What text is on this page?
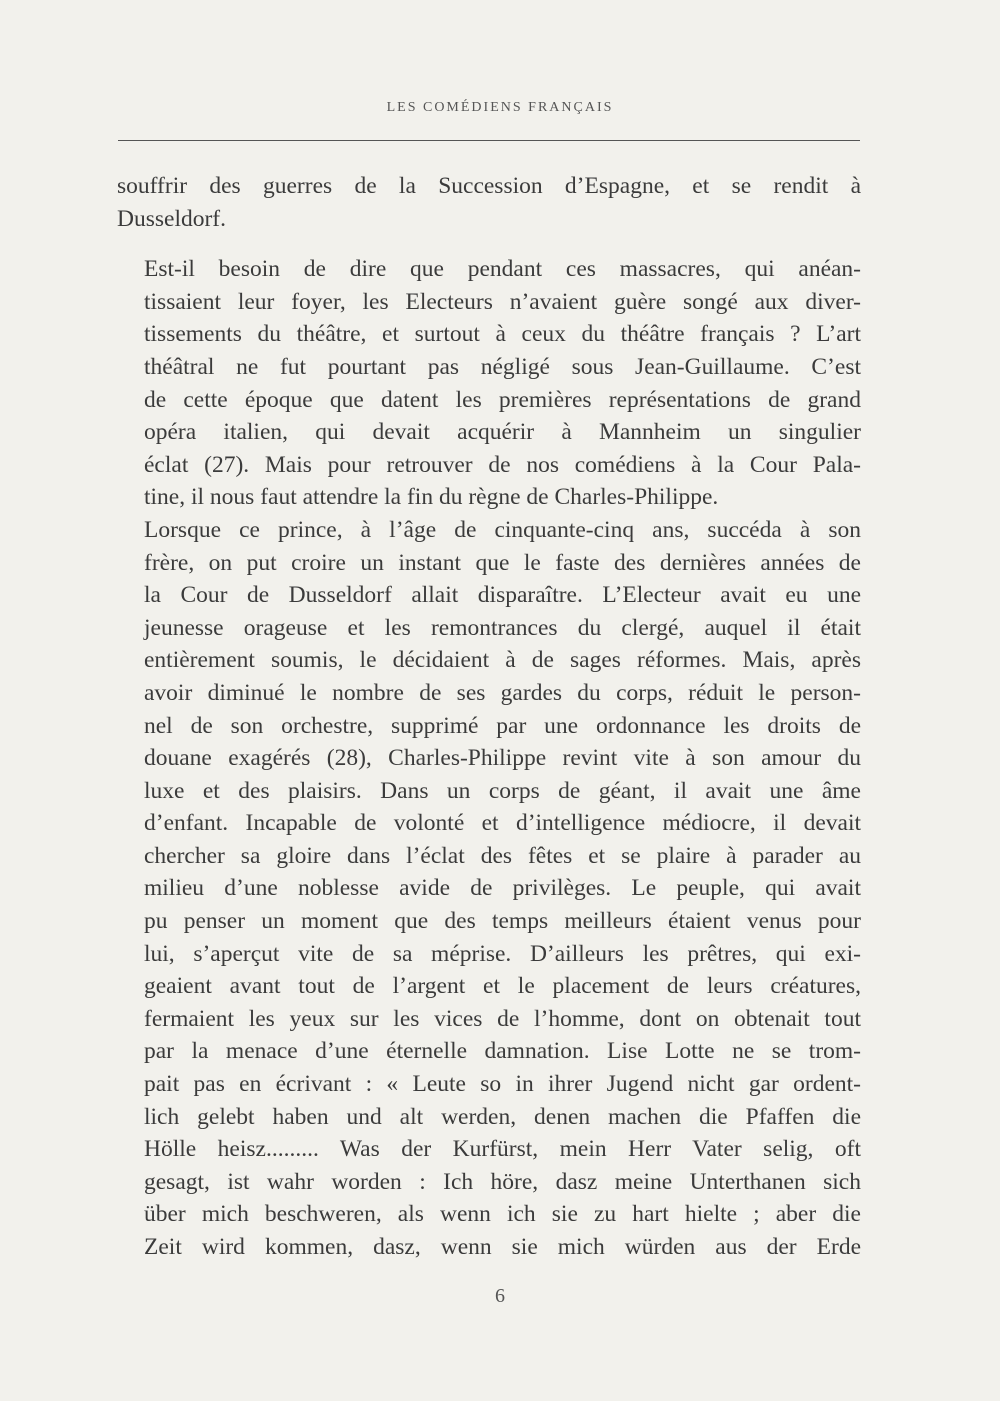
LES COMÉDIENS FRANÇAIS

souffrir des guerres de la Succession d’Espagne, et se rendit à
Dusseldorf.

Est-il besoin de dire que pendant ces massacres, qui anéan-
tissaient leur foyer, les Electeurs n’avaient guère songé aux diver-
tissements du théâtre, et surtout à ceux du théâtre français ? L’art
théâtral ne fut pourtant pas négligé sous Jean-Guillaume. C’est
de cette époque que datent les premières représentations de grand
opéra italien, qui devait acquérir à Mannheim un singulier
éclat (27). Mais pour retrouver de nos comédiens à la Cour Pala-
tine, il nous faut attendre la fin du règne de Charles-Philippe.

Lorsque ce prince, à l’âge de cinquante-cinq ans, succéda à son
frère, on put croire un instant que le faste des dernières années de
la Cour de Dusseldorf allait disparaître. L’Electeur avait eu une
jeunesse orageuse et les remontrances du clergé, auquel il était
entièrement soumis, le décidaient à de sages réformes. Mais, après
avoir diminué le nombre de ses gardes du corps, réduit le person-
nel de son orchestre, supprimé par une ordonnance les droits de
douane exagérés (28), Charles-Philippe revint vite à son amour du
luxe et des plaisirs. Dans un corps de géant, il avait une âme
d’enfant. Incapable de volonté et d’intelligence médiocre, il devait
chercher sa gloire dans l’éclat des fêtes et se plaire à parader au
milieu d’une noblesse avide de privilèges. Le peuple, qui avait
pu penser un moment que des temps meilleurs étaient venus pour
lui, s’aperçut vite de sa méprise. D’ailleurs les prêtres, qui exi-
geaient avant tout de l’argent et le placement de leurs créatures,
fermaient les yeux sur les vices de l’homme, dont on obtenait tout
par la menace d’une éternelle damnation. Lise Lotte ne se trom-
pait pas en écrivant : « Leute so in ihrer Jugend nicht gar ordent-
lich gelebt haben und alt werden, denen machen die Pfaffen die
Hölle heisz......... Was der Kurfürst, mein Herr Vater selig, oft
gesagt, ist wahr worden : Ich höre, dasz meine Unterthanen sich
über mich beschweren, als wenn ich sie zu hart hielte ; aber die
Zeit wird kommen, dasz, wenn sie mich würden aus der Erde

6
